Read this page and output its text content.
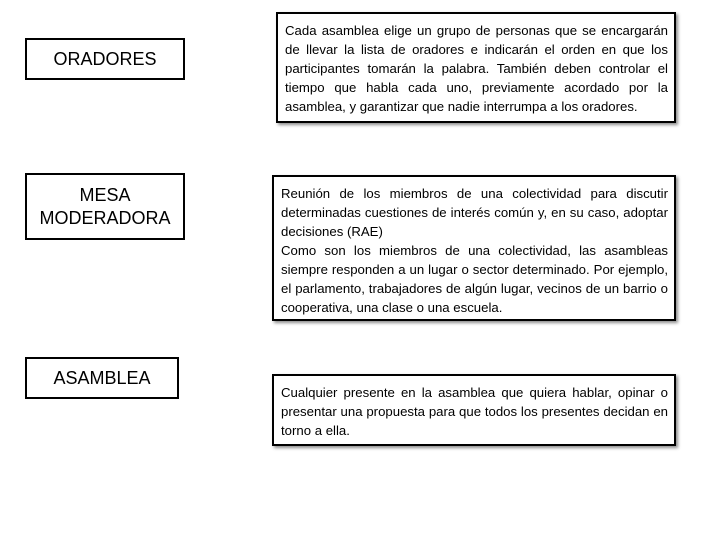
ORADORES
MESA
MODERADORA
ASAMBLEA

Cada asamblea elige un grupo de personas que se encargarán de llevar la lista de oradores e indicarán el orden en que los participantes tomarán la palabra. También deben controlar el tiempo que habla cada uno, previamente acordado por la asamblea, y garantizar que nadie interrumpa a los oradores.

Reunión de los miembros de una colectividad para discutir determinadas cuestiones de interés común y, en su caso, adoptar decisiones (RAE)

Como son los miembros de una colectividad, las asambleas siempre responden a un lugar o sector determinado. Por ejemplo, el parlamento, trabajadores de algún lugar, vecinos de un barrio o cooperativa, una clase o una escuela.

Cualquier presente en la asamblea que quiera hablar, opinar o presentar una propuesta para que todos los presentes decidan en torno a ella.
